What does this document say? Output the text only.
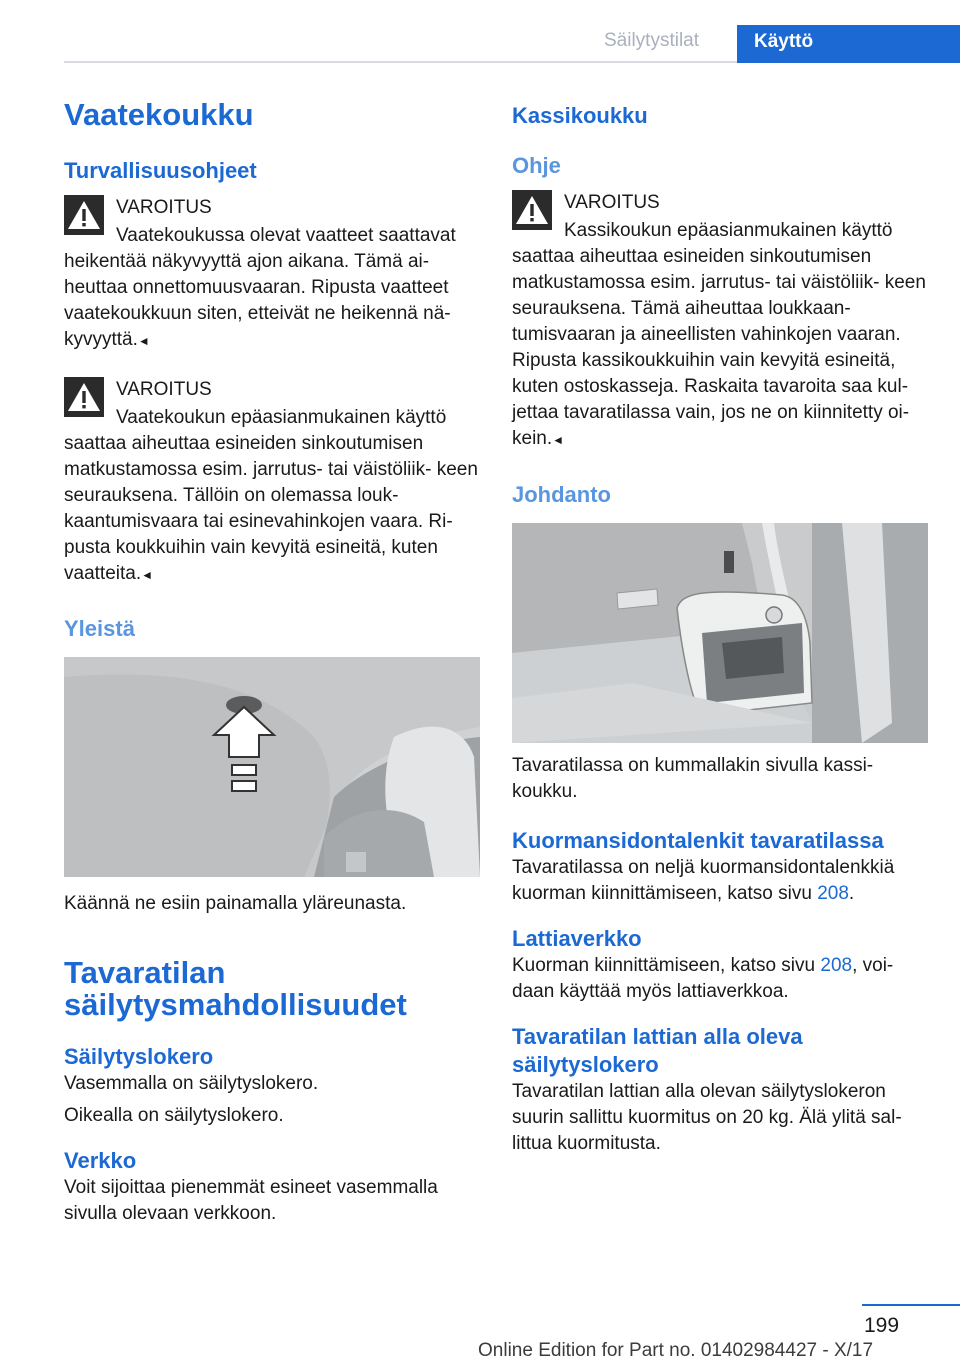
Säilytystilat	Käyttö
Vaatekoukku
Turvallisuusohjeet
VAROITUS
Vaatekoukussa olevat vaatteet saattavat
heikentää näkyvyyttä ajon aikana. Tämä ai- heuttaa onnettomuusvaaran. Ripusta vaatteet vaatekoukkuun siten, etteivät ne heikennä nä- kyvyyttä.◄
VAROITUS
Vaatekoukun epäasianmukainen käyttö
saattaa aiheuttaa esineiden sinkoutumisen matkustamossa esim. jarrutus- tai väistöliik- keen seurauksena. Tällöin on olemassa louk- kaantumisvaara tai esinevahinkojen vaara. Ri- pusta koukkuihin vain kevyitä esineitä, kuten vaatteita.◄
Yleistä

Käännä ne esiin painamalla yläreunasta.

Tavaratilan säilytysmahdollisuudet
Säilytyslokero

Vasemmalla on säilytyslokero.

Oikealla on säilytyslokero.

Verkko

Voit sijoittaa pienemmät esineet vasemmalla sivulla olevaan verkkoon.

Kassikoukku
Ohje
VAROITUS
Kassikoukun epäasianmukainen käyttö
saattaa aiheuttaa esineiden sinkoutumisen matkustamossa esim. jarrutus- tai väistöliik- keen seurauksena. Tämä aiheuttaa loukkaan- tumisvaaran ja aineellisten vahinkojen vaaran. Ripusta kassikoukkuihin vain kevyitä esineitä, kuten ostoskasseja. Raskaita tavaroita saa kul- jettaa tavaratilassa vain, jos ne on kiinnitetty oi- kein.◄
Johdanto

Tavaratilassa on kummallakin sivulla kassi- koukku.

Kuormansidontalenkit tavaratilassa

Tavaratilassa on neljä kuormansidontalenkkiä kuorman kiinnittämiseen, katso sivu 208.

Lattiaverkko

Kuorman kiinnittämiseen, katso sivu 208, voi- daan käyttää myös lattiaverkkoa.

Tavaratilan lattian alla oleva säilytyslokero

Tavaratilan lattian alla olevan säilytyslokeron suurin sallittu kuormitus on 20 kg. Älä ylitä sal- littua kuormitusta.

199
Online Edition for Part no. 01402984427 - X/17
